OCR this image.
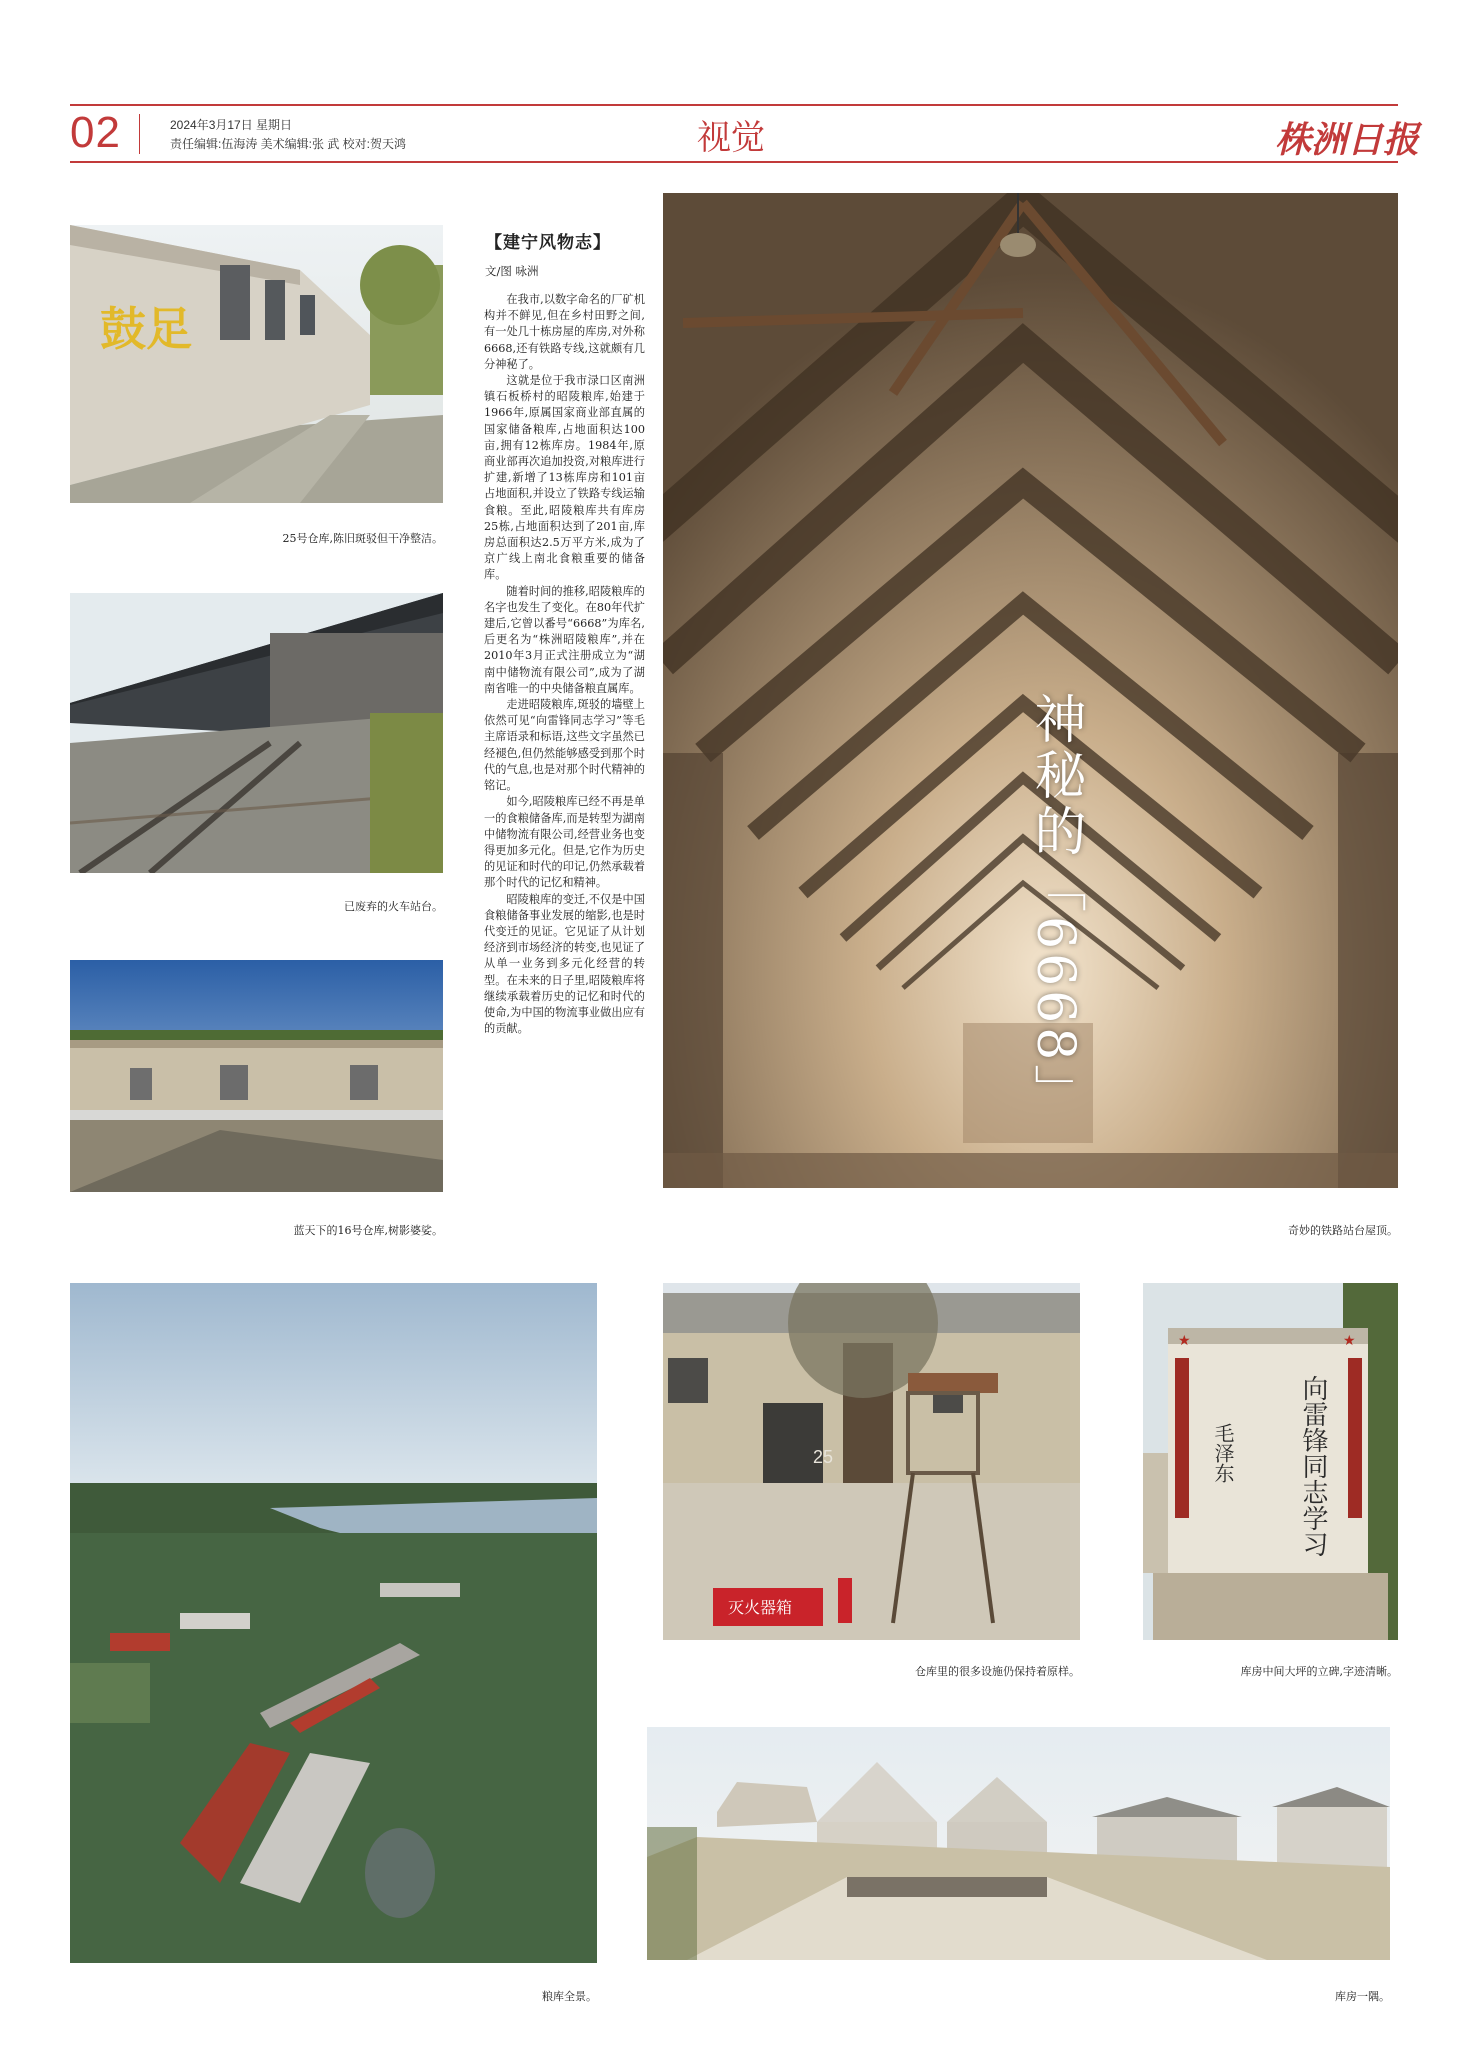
02	2024年3月17日 星期日
责任编辑:伍海涛 美术编辑:张 武 校对:贺天鸿	视觉	株洲日报
鼓足
25号仓库,陈旧斑驳但干净整洁。
已废弃的火车站台。
蓝天下的16号仓库,树影婆娑。
【建宁风物志】
文/图 咏洲

在我市,以数字命名的厂矿机构并不鲜见,但在乡村田野之间,有一处几十栋房屋的库房,对外称6668,还有铁路专线,这就颇有几分神秘了。

这就是位于我市渌口区南洲镇石板桥村的昭陵粮库,始建于1966年,原属国家商业部直属的国家储备粮库,占地面积达100亩,拥有12栋库房。1984年,原商业部再次追加投资,对粮库进行扩建,新增了13栋库房和101亩占地面积,并设立了铁路专线运输食粮。至此,昭陵粮库共有库房25栋,占地面积达到了201亩,库房总面积达2.5万平方米,成为了京广线上南北食粮重要的储备库。

随着时间的推移,昭陵粮库的名字也发生了变化。在80年代扩建后,它曾以番号“6668”为库名,后更名为“株洲昭陵粮库”,并在2010年3月正式注册成立为“湖南中储物流有限公司”,成为了湖南省唯一的中央储备粮直属库。

走进昭陵粮库,斑驳的墙壁上依然可见“向雷锋同志学习”等毛主席语录和标语,这些文字虽然已经褪色,但仍然能够感受到那个时代的气息,也是对那个时代精神的铭记。

如今,昭陵粮库已经不再是单一的食粮储备库,而是转型为湖南中储物流有限公司,经营业务也变得更加多元化。但是,它作为历史的见证和时代的印记,仍然承载着那个时代的记忆和精神。

昭陵粮库的变迁,不仅是中国食粮储备事业发展的缩影,也是时代变迁的见证。它见证了从计划经济到市场经济的转变,也见证了从单一业务到多元化经营的转型。在未来的日子里,昭陵粮库将继续承载着历史的记忆和时代的使命,为中国的物流事业做出应有的贡献。	神秘的「6668」
奇妙的铁路站台屋顶。
粮库全景。
25
灭火器箱
仓库里的很多设施仍保持着原样。
★	★
向雷锋同志学习
毛泽东
库房中间大坪的立碑,字迹清晰。
库房一隅。
